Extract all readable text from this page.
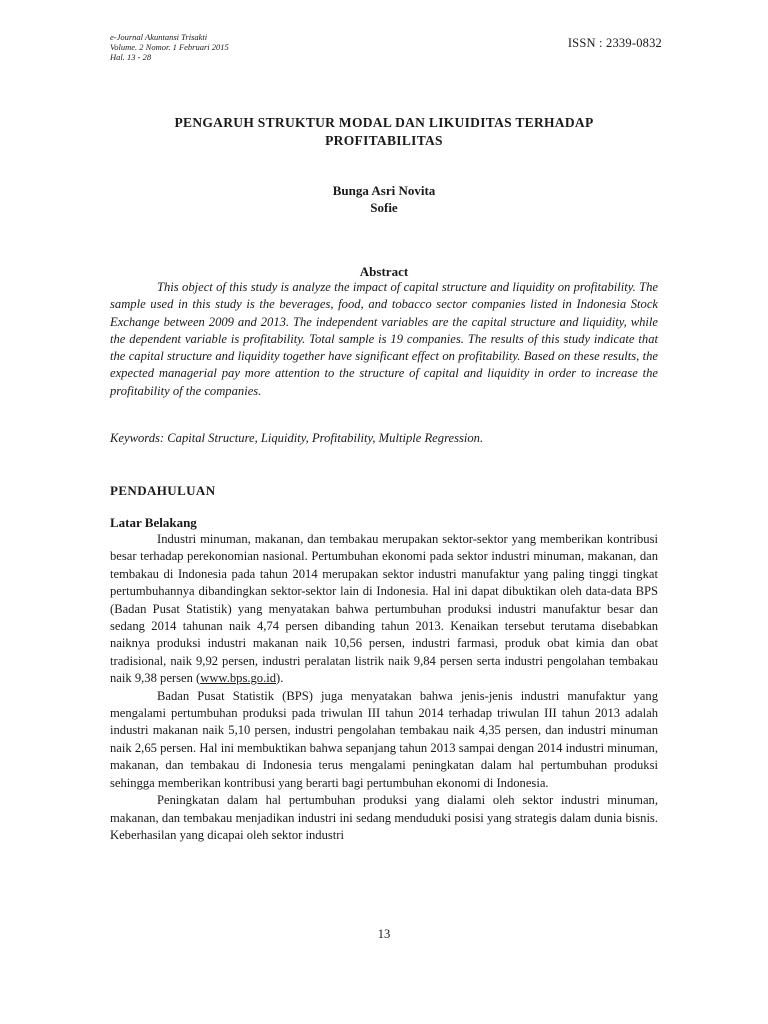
e-Journal Akuntansi Trisakti
Volume. 2 Nomor. 1 Februari 2015
Hal. 13 - 28
ISSN : 2339-0832
PENGARUH STRUKTUR MODAL DAN LIKUIDITAS TERHADAP
PROFITABILITAS
Bunga Asri Novita
Sofie
Abstract

This object of this study is analyze the impact of capital structure and liquidity on profitability. The sample used in this study is the beverages, food, and tobacco sector companies listed in Indonesia Stock Exchange between 2009 and 2013. The independent variables are the capital structure and liquidity, while the dependent variable is profitability. Total sample is 19 companies. The results of this study indicate that the capital structure and liquidity together have significant effect on profitability. Based on these results, the expected managerial pay more attention to the structure of capital and liquidity in order to increase the profitability of the companies.

Keywords: Capital Structure, Liquidity, Profitability, Multiple Regression.

PENDAHULUAN
Latar Belakang

Industri minuman, makanan, dan tembakau merupakan sektor-sektor yang memberikan kontribusi besar terhadap perekonomian nasional. Pertumbuhan ekonomi pada sektor industri minuman, makanan, dan tembakau di Indonesia pada tahun 2014 merupakan sektor industri manufaktur yang paling tinggi tingkat pertumbuhannya dibandingkan sektor-sektor lain di Indonesia. Hal ini dapat dibuktikan oleh data-data BPS (Badan Pusat Statistik) yang menyatakan bahwa pertumbuhan produksi industri manufaktur besar dan sedang 2014 tahunan naik 4,74 persen dibanding tahun 2013. Kenaikan tersebut terutama disebabkan naiknya produksi industri makanan naik 10,56 persen, industri farmasi, produk obat kimia dan obat tradisional, naik 9,92 persen, industri peralatan listrik naik 9,84 persen serta industri pengolahan tembakau naik 9,38 persen (www.bps.go.id).

Badan Pusat Statistik (BPS) juga menyatakan bahwa jenis-jenis industri manufaktur yang mengalami pertumbuhan produksi pada triwulan III tahun 2014 terhadap triwulan III tahun 2013 adalah industri makanan naik 5,10 persen, industri pengolahan tembakau naik 4,35 persen, dan industri minuman naik 2,65 persen. Hal ini membuktikan bahwa sepanjang tahun 2013 sampai dengan 2014 industri minuman, makanan, dan tembakau di Indonesia terus mengalami peningkatan dalam hal pertumbuhan produksi sehingga memberikan kontribusi yang berarti bagi pertumbuhan ekonomi di Indonesia.

Peningkatan dalam hal pertumbuhan produksi yang dialami oleh sektor industri minuman, makanan, dan tembakau menjadikan industri ini sedang menduduki posisi yang strategis dalam dunia bisnis. Keberhasilan yang dicapai oleh sektor industri

13
